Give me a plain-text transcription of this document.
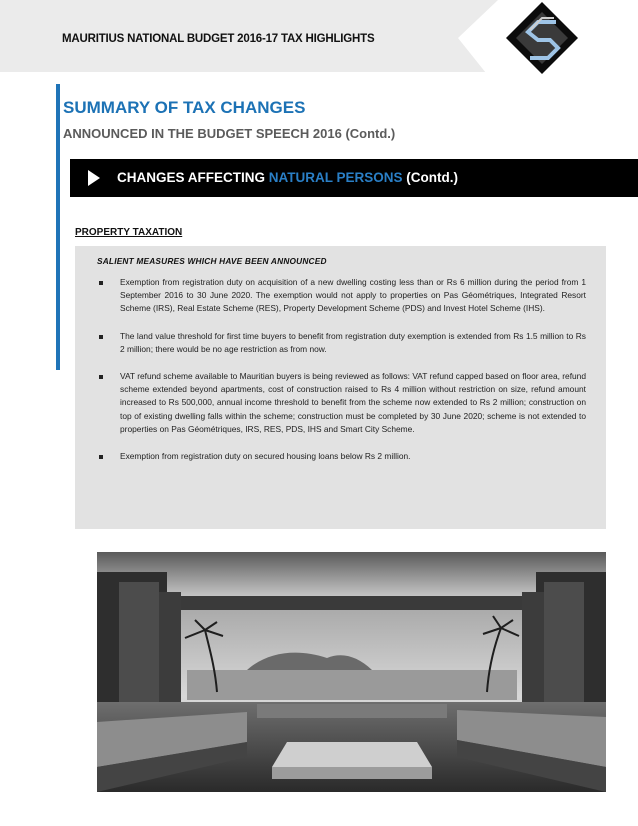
MAURITIUS NATIONAL BUDGET 2016-17 TAX HIGHLIGHTS
SUMMARY OF TAX CHANGES
ANNOUNCED IN THE BUDGET SPEECH 2016 (Contd.)
CHANGES AFFECTING NATURAL PERSONS (Contd.)
PROPERTY TAXATION
SALIENT MEASURES WHICH HAVE BEEN ANNOUNCED
Exemption from registration duty on acquisition of a new dwelling costing less than or Rs 6 million during the period from 1 September 2016 to 30 June 2020. The exemption would not apply to properties on Pas Géométriques, Integrated Resort Scheme (IRS), Real Estate Scheme (RES), Property Development Scheme (PDS) and Invest Hotel Scheme (IHS).
The land value threshold for first time buyers to benefit from registration duty exemption is extended from Rs 1.5 million to Rs 2 million; there would be no age restriction as from now.
VAT refund scheme available to Mauritian buyers is being reviewed as follows: VAT refund capped based on floor area, refund scheme extended beyond apartments, cost of construction raised to Rs 4 million without restriction on size, refund amount increased to Rs 500,000, annual income threshold to benefit from the scheme now extended to Rs 2 million; construction on top of existing dwelling falls within the scheme; construction must be completed by 30 June 2020; scheme is not extended to properties on Pas Géométriques, IRS, RES, PDS, IHS and Smart City Scheme.
Exemption from registration duty on secured housing loans below Rs 2 million.
